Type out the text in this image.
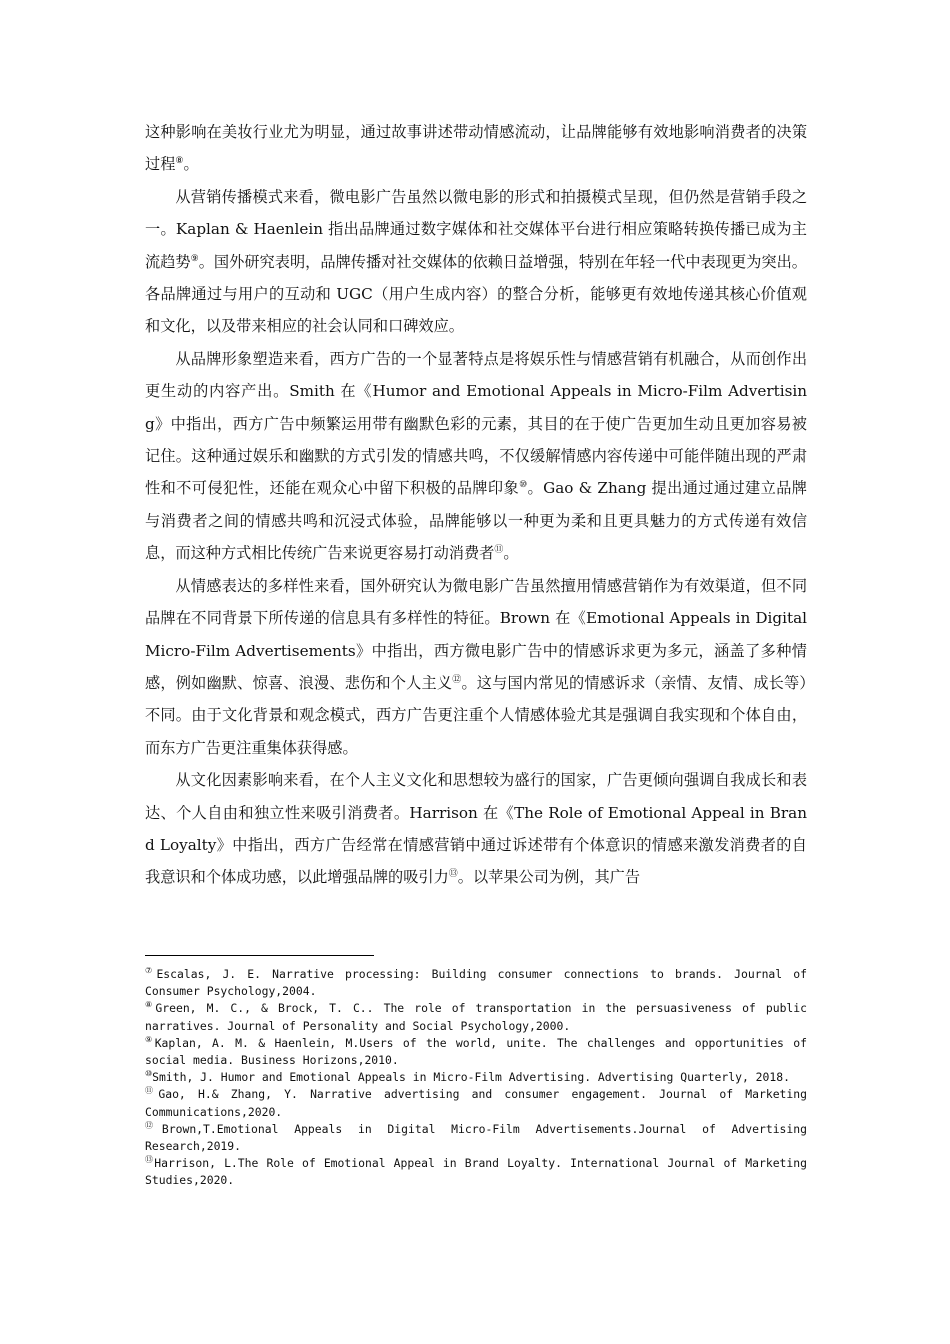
这种影响在美妆行业尤为明显，通过故事讲述带动情感流动，让品牌能够有效地影响消费者的决策过程⑧。

从营销传播模式来看，微电影广告虽然以微电影的形式和拍摄模式呈现，但仍然是营销手段之一。Kaplan & Haenlein 指出品牌通过数字媒体和社交媒体平台进行相应策略转换传播已成为主流趋势⑨。国外研究表明，品牌传播对社交媒体的依赖日益增强，特别在年轻一代中表现更为突出。各品牌通过与用户的互动和 UGC（用户生成内容）的整合分析，能够更有效地传递其核心价值观和文化，以及带来相应的社会认同和口碑效应。

从品牌形象塑造来看，西方广告的一个显著特点是将娱乐性与情感营销有机融合，从而创作出更生动的内容产出。Smith 在《Humor and Emotional Appeals in Micro-Film Advertising》中指出，西方广告中频繁运用带有幽默色彩的元素，其目的在于使广告更加生动且更加容易被记住。这种通过娱乐和幽默的方式引发的情感共鸣，不仅缓解情感内容传递中可能伴随出现的严肃性和不可侵犯性，还能在观众心中留下积极的品牌印象⑩。Gao & Zhang 提出通过通过建立品牌与消费者之间的情感共鸣和沉浸式体验，品牌能够以一种更为柔和且更具魅力的方式传递有效信息，而这种方式相比传统广告来说更容易打动消费者⑪。

从情感表达的多样性来看，国外研究认为微电影广告虽然擅用情感营销作为有效渠道，但不同品牌在不同背景下所传递的信息具有多样性的特征。Brown 在《Emotional Appeals in Digital Micro-Film Advertisements》中指出，西方微电影广告中的情感诉求更为多元，涵盖了多种情感，例如幽默、惊喜、浪漫、悲伤和个人主义⑫。这与国内常见的情感诉求（亲情、友情、成长等）不同。由于文化背景和观念模式，西方广告更注重个人情感体验尤其是强调自我实现和个体自由，而东方广告更注重集体获得感。

从文化因素影响来看，在个人主义文化和思想较为盛行的国家，广告更倾向强调自我成长和表达、个人自由和独立性来吸引消费者。Harrison 在《The Role of Emotional Appeal in Brand Loyalty》中指出，西方广告经常在情感营销中通过诉述带有个体意识的情感来激发消费者的自我意识和个体成功感，以此增强品牌的吸引力⑬。以苹果公司为例，其广告

⑦Escalas, J. E. Narrative processing: Building consumer connections to brands. Journal of Consumer Psychology,2004.

⑧Green, M. C., & Brock, T. C.. The role of transportation in the persuasiveness of public narratives. Journal of Personality and Social Psychology,2000.

⑨Kaplan, A. M. & Haenlein, M.Users of the world, unite. The challenges and opportunities of social media. Business Horizons,2010.

⑩Smith, J. Humor and Emotional Appeals in Micro-Film Advertising. Advertising Quarterly, 2018.

⑪Gao, H.& Zhang, Y. Narrative advertising and consumer engagement. Journal of Marketing Communications,2020.

⑫Brown,T.Emotional Appeals in Digital Micro-Film Advertisements.Journal of Advertising Research,2019.

⑬Harrison, L.The Role of Emotional Appeal in Brand Loyalty. International Journal of Marketing Studies,2020.
